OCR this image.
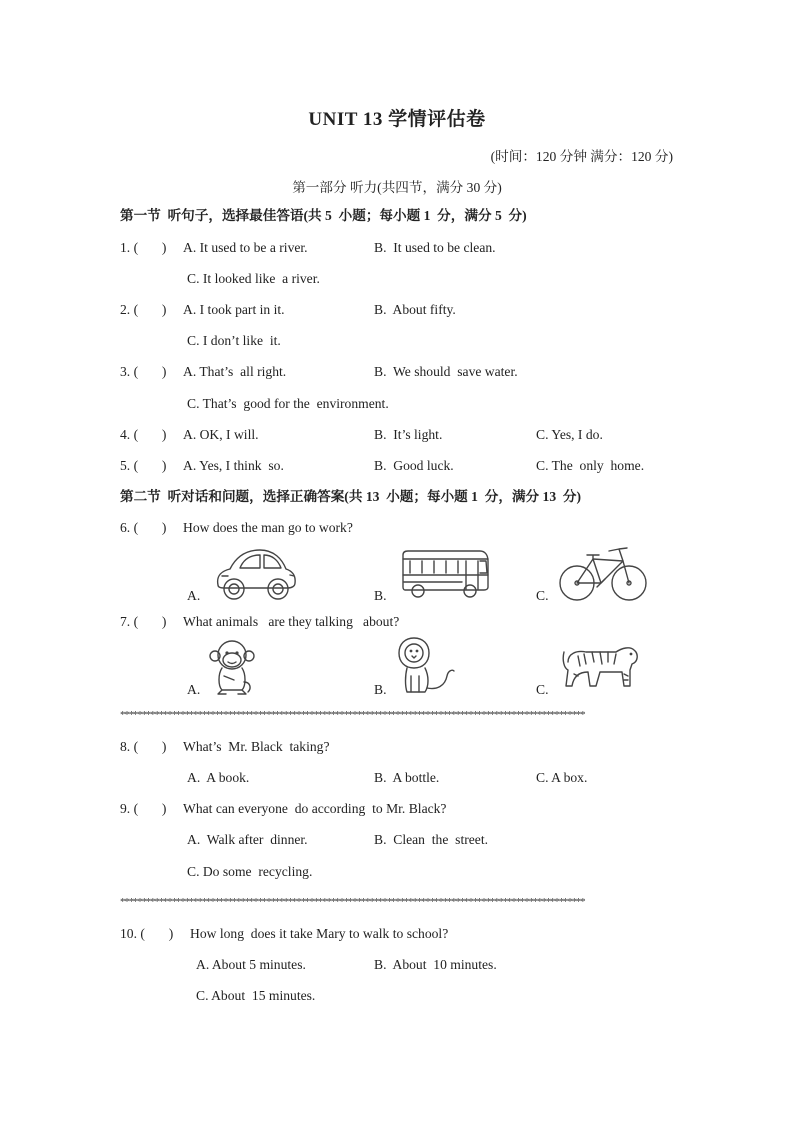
UNIT 13 学情评估卷
(时间：120 分钟 满分：120 分)
第一部分 听力(共四节，满分 30 分)
第一节  听句子，选择最佳答语(共 5  小题；每小题 1  分，满分 5  分)
1. (       ) A. It used to be a river.	B.  It used to be clean.
C. It looked like  a river.
2. (       ) A. I took part in it.	B.  About fifty.
C. I don’t like  it.
3. (       ) A. That’s  all right.	B.  We should  save water.
C. That’s  good for the  environment.
4. (       ) A. OK, I will.	B.  It’s light.	C. Yes, I do.
5. (       ) A. Yes, I think  so.	B.  Good luck.	C. The  only  home.
第二节  听对话和问题，选择正确答案(共 13  小题；每小题 1  分，满分 13  分)
6. (       ) How does the man go to work?
A.	B.	C.
7. (       ) What animals   are they talking   about?
A.	B.	C.
************************************************************************************************************
8. (       ) What’s  Mr. Black  taking?
A.  A book.	B.  A bottle.	C. A box.
9. (       ) What can everyone  do according  to Mr. Black?
A.  Walk after  dinner.	B.  Clean  the  street.
C. Do some  recycling.
************************************************************************************************************
10. (       ) How long  does it take Mary to walk to school?
A. About 5 minutes.	B.  About  10 minutes.
C. About  15 minutes.
